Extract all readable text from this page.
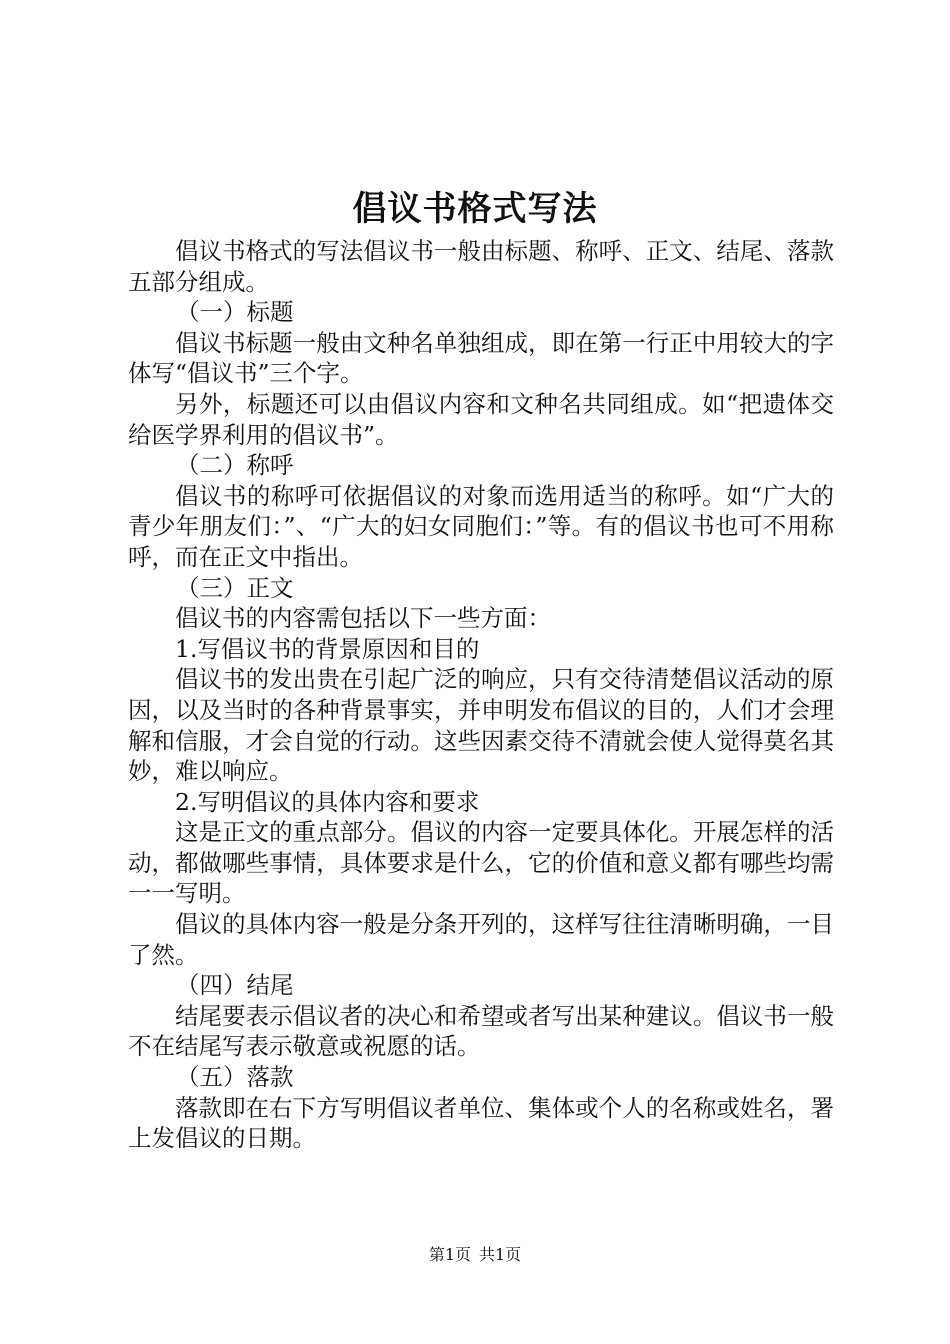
倡议书格式写法

倡议书格式的写法倡议书一般由标题、称呼、正文、结尾、落款五部分组成。

（一）标题

倡议书标题一般由文种名单独组成，即在第一行正中用较大的字体写“倡议书”三个字。

另外，标题还可以由倡议内容和文种名共同组成。如“把遗体交给医学界利用的倡议书”。

（二）称呼

倡议书的称呼可依据倡议的对象而选用适当的称呼。如“广大的青少年朋友们：”、“广大的妇女同胞们：”等。有的倡议书也可不用称呼，而在正文中指出。

（三）正文

倡议书的内容需包括以下一些方面：

1.写倡议书的背景原因和目的

倡议书的发出贵在引起广泛的响应，只有交待清楚倡议活动的原因，以及当时的各种背景事实，并申明发布倡议的目的，人们才会理解和信服，才会自觉的行动。这些因素交待不清就会使人觉得莫名其妙，难以响应。

2.写明倡议的具体内容和要求

这是正文的重点部分。倡议的内容一定要具体化。开展怎样的活动，都做哪些事情，具体要求是什么，它的价值和意义都有哪些均需一一写明。

倡议的具体内容一般是分条开列的，这样写往往清晰明确，一目了然。

（四）结尾

结尾要表示倡议者的决心和希望或者写出某种建议。倡议书一般不在结尾写表示敬意或祝愿的话。

（五）落款

落款即在右下方写明倡议者单位、集体或个人的名称或姓名，署上发倡议的日期。

第1页 共1页
